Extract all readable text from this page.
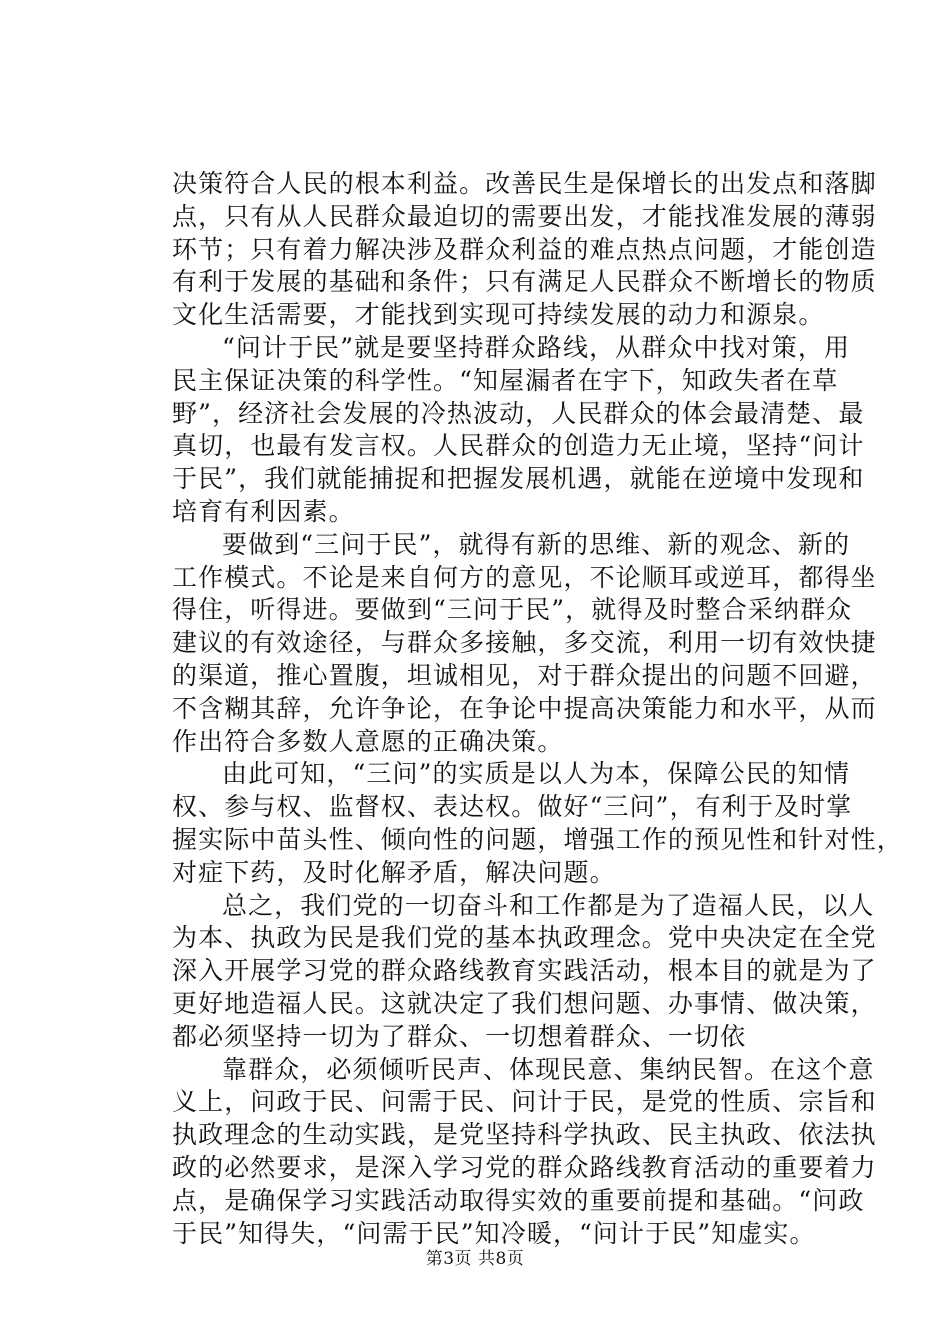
决策符合人民的根本利益。改善民生是保增长的出发点和落脚
点，只有从人民群众最迫切的需要出发，才能找准发展的薄弱
环节；只有着力解决涉及群众利益的难点热点问题，才能创造
有利于发展的基础和条件；只有满足人民群众不断增长的物质
文化生活需要，才能找到实现可持续发展的动力和源泉。
“问计于民”就是要坚持群众路线，从群众中找对策，用
民主保证决策的科学性。“知屋漏者在宇下，知政失者在草
野”，经济社会发展的冷热波动，人民群众的体会最清楚、最
真切，也最有发言权。人民群众的创造力无止境，坚持“问计
于民”，我们就能捕捉和把握发展机遇，就能在逆境中发现和
培育有利因素。
要做到“三问于民”，就得有新的思维、新的观念、新的
工作模式。不论是来自何方的意见，不论顺耳或逆耳，都得坐
得住，听得进。要做到“三问于民”，就得及时整合采纳群众
建议的有效途径，与群众多接触，多交流，利用一切有效快捷
的渠道，推心置腹，坦诚相见，对于群众提出的问题不回避，
不含糊其辞，允许争论，在争论中提高决策能力和水平，从而
作出符合多数人意愿的正确决策。
由此可知，“三问”的实质是以人为本，保障公民的知情
权、参与权、监督权、表达权。做好“三问”，有利于及时掌
握实际中苗头性、倾向性的问题，增强工作的预见性和针对性，
对症下药，及时化解矛盾，解决问题。
总之，我们党的一切奋斗和工作都是为了造福人民，以人
为本、执政为民是我们党的基本执政理念。党中央决定在全党
深入开展学习党的群众路线教育实践活动，根本目的就是为了
更好地造福人民。这就决定了我们想问题、办事情、做决策，
都必须坚持一切为了群众、一切想着群众、一切依
靠群众，必须倾听民声、体现民意、集纳民智。在这个意
义上，问政于民、问需于民、问计于民，是党的性质、宗旨和
执政理念的生动实践，是党坚持科学执政、民主执政、依法执
政的必然要求，是深入学习党的群众路线教育活动的重要着力
点，是确保学习实践活动取得实效的重要前提和基础。“问政
于民”知得失，“问需于民”知冷暖，“问计于民”知虚实。
第3页 共8页
